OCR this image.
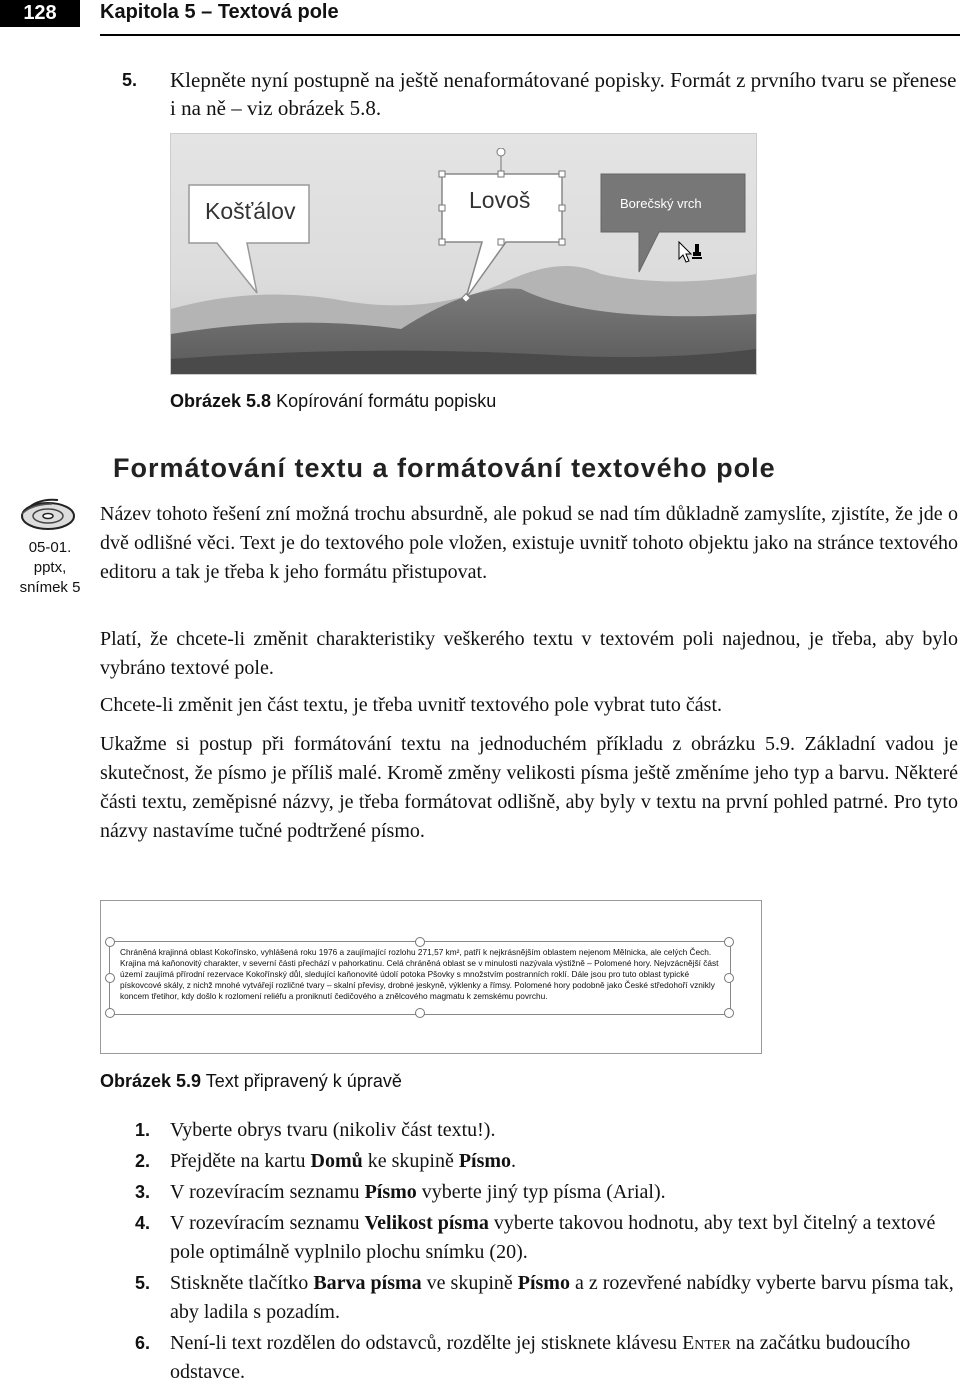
128	Kapitola 5 – Textová pole
5. Klepněte nyní postupně na ještě nenaformátované popisky. Formát z prvního tvaru se přenese i na ně – viz obrázek 5.8.
Košťálov	Lovoš	Borečský vrch
Obrázek 5.8 Kopírování formátu popisku
Formátování textu a formátování textového pole
05-01.
pptx,
snímek 5

Název tohoto řešení zní možná trochu absurdně, ale pokud se nad tím důkladně zamyslíte, zjistíte, že jde o dvě odlišné věci. Text je do textového pole vložen, existuje uvnitř tohoto objektu jako na stránce textového editoru a tak je třeba k jeho formátu přistupovat.

Platí, že chcete-li změnit charakteristiky veškerého textu v textovém poli najednou, je třeba, aby bylo vybráno textové pole.

Chcete-li změnit jen část textu, je třeba uvnitř textového pole vybrat tuto část.

Ukažme si postup při formátování textu na jednoduchém příkladu z obrázku 5.9. Základní vadou je skutečnost, že písmo je příliš malé. Kromě změny velikosti písma ještě změníme jeho typ a barvu. Některé části textu, zeměpisné názvy, je třeba formátovat odlišně, aby byly v textu na první pohled patrné. Pro tyto názvy nastavíme tučné podtržené písmo.

Chráněná krajinná oblast Kokořínsko, vyhlášená roku 1976 a zaujímající rozlohu 271,57 km², patří k nejkrásnějším oblastem nejenom Mělnicka, ale celých Čech. Krajina má kaňonovitý charakter, v severní části přechází v pahorkatinu. Celá chráněná oblast se v minulosti nazývala výstižně – Polomené hory. Nejvzácnější část území zaujímá přírodní rezervace Kokořínský důl, sledující kaňonovité údolí potoka Pšovky s množstvím postranních roklí. Dále jsou pro tuto oblast typické pískovcové skály, z nichž mnohé vytvářejí rozličné tvary – skalní převisy, drobné jeskyně, výklenky a římsy. Polomené hory podobně jako České středohoří vznikly koncem třetihor, kdy došlo k rozlomení reliéfu a proniknutí čedičového a znělcového magmatu k zemskému povrchu.
Obrázek 5.9 Text připravený k úpravě
1. Vyberte obrys tvaru (nikoliv část textu!).
2. Přejděte na kartu Domů ke skupině Písmo.
3. V rozevíracím seznamu Písmo vyberte jiný typ písma (Arial).
4. V rozevíracím seznamu Velikost písma vyberte takovou hodnotu, aby text byl čitelný a textové pole optimálně vyplnilo plochu snímku (20).
5. Stiskněte tlačítko Barva písma ve skupině Písmo a z rozevřené nabídky vyberte barvu písma tak, aby ladila s pozadím.
6. Není-li text rozdělen do odstavců, rozdělte jej stisknete klávesu Enter na začátku budoucího odstavce.
